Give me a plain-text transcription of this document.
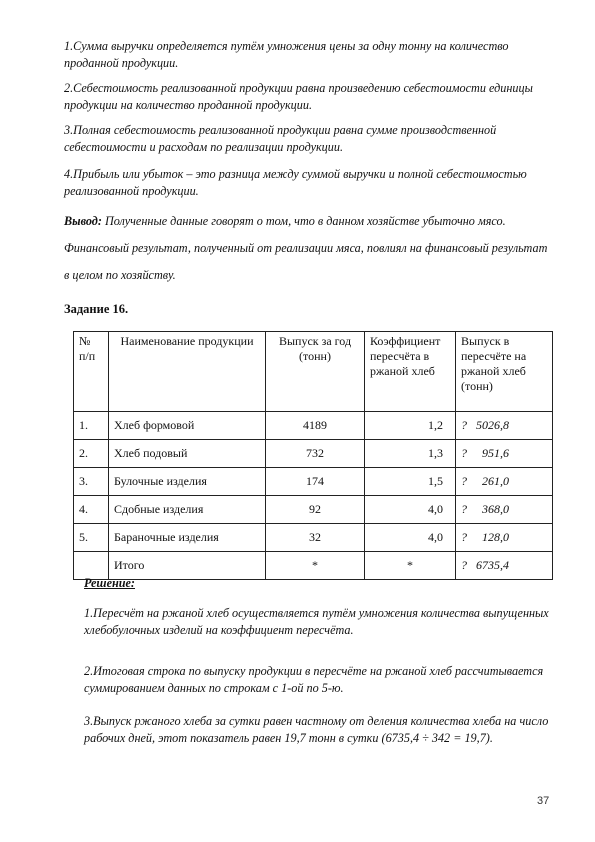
1.Сумма выручки определяется путём умножения цены за одну тонну на количество проданной продукции.

2.Себестоимость реализованной продукции равна произведению себестоимости единицы продукции на количество проданной продукции.

3.Полная себестоимость реализованной продукции равна сумме производственной себестоимости и расходам по реализации продукции.

4.Прибыль или убыток – это разница между суммой выручки и полной себестоимостью реализованной продукции.

Вывод: Полученные данные говорят о том, что в данном хозяйстве убыточно мясо. Финансовый результат, полученный от реализации мяса, повлиял на финансовый результат в целом по хозяйству.

Задание 16.

№ п/п	Наименование продукции	Выпуск за год (тонн)	Коэффициент пересчёта в ржаной хлеб	Выпуск в пересчёте на ржаной хлеб (тонн)
1.	Хлеб формовой	4189	1,2	?   5026,8
2.	Хлеб подовый	732	1,3	?     951,6
3.	Булочные изделия	174	1,5	?     261,0
4.	Сдобные изделия	92	4,0	?     368,0
5.	Бараночные изделия	32	4,0	?     128,0
	Итого	*	*	?   6735,4

Решение:

1.Пересчёт на ржаной хлеб осуществляется путём умножения количества выпущенных хлебобулочных изделий на коэффициент пересчёта.

2.Итоговая строка по выпуску продукции в пересчёте на ржаной хлеб рассчитывается суммированием данных по строкам с 1-ой по 5-ю.

3.Выпуск ржаного хлеба за сутки равен частному от деления количества хлеба на число рабочих дней, этот показатель равен 19,7 тонн в сутки (6735,4 ÷ 342 = 19,7).

37
